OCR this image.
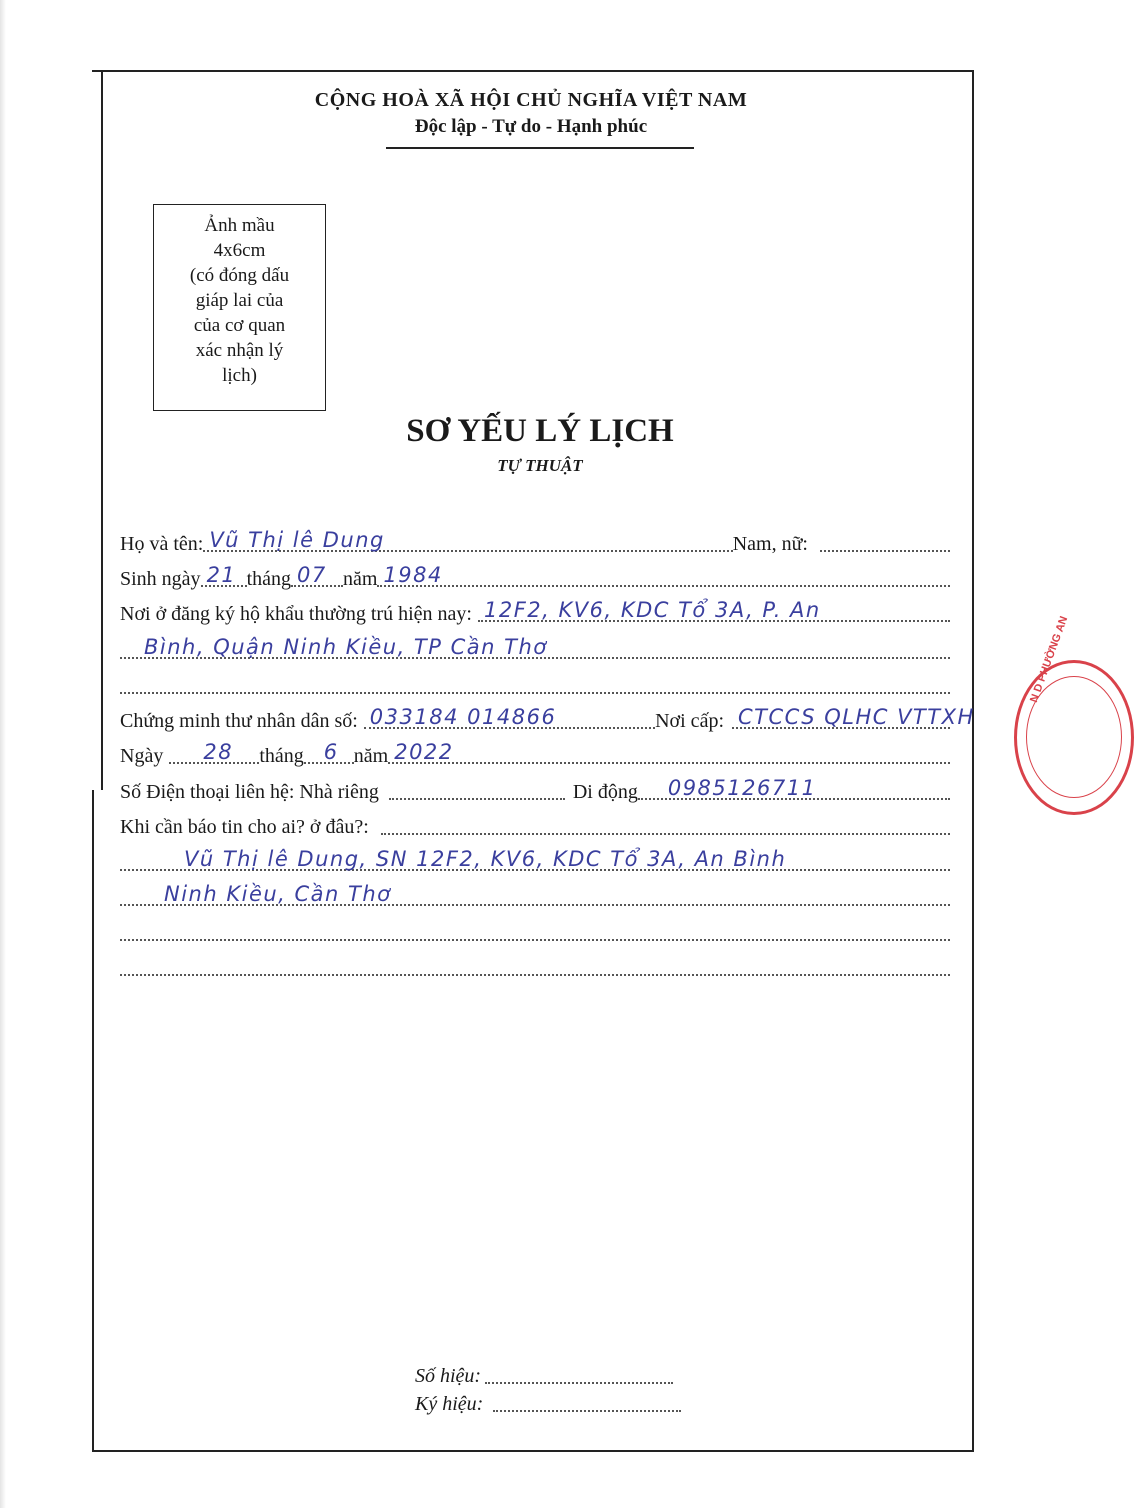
CỘNG HOÀ XÃ HỘI CHỦ NGHĨA VIỆT NAM
Độc lập - Tự do - Hạnh phúc
Ảnh mầu
4x6cm
(có đóng dấu
giáp lai của
của cơ quan
xác nhận lý
lịch)
SƠ YẾU LÝ LỊCH
TỰ THUẬT
Họ và tên: Vũ Thị lê Dung	Nam, nữ:
Sinh ngày 21 tháng 07 năm 1984
Nơi ở đăng ký hộ khẩu thường trú hiện nay: 12F2, KV6, KDC Tổ 3A, P. An
Bình, Quận Ninh Kiều, TP Cần Thơ
Chứng minh thư nhân dân số: 033184 014866	Nơi cấp: CTCCS QLHC VTTXH
Ngày 28 tháng 6 năm 2022
Số Điện thoại liên hệ: Nhà riêng	Di động 0985126711
Khi cần báo tin cho ai? ở đâu?:
Vũ Thị lê Dung, SN 12F2, KV6, KDC Tổ 3A, An Bình
Ninh Kiều, Cần Thơ
Số hiệu:
Ký hiệu:
N D PHƯỜNG AN
